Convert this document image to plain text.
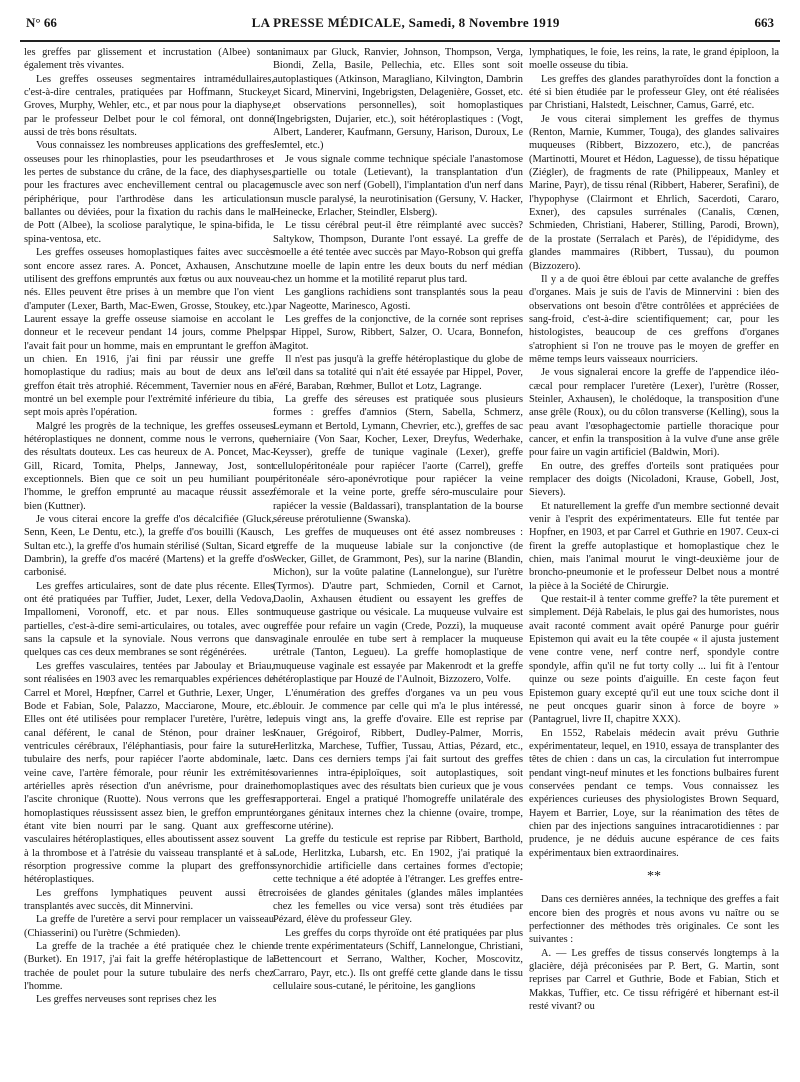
N° 66	LA PRESSE MÉDICALE, Samedi, 8 Novembre 1919	663

les greffes par glissement et incrustation (Albee) sont également très vivantes.

Les greffes osseuses segmentaires intramédullaires, c'est-à-dire centrales, pratiquées par Hoffmann, Stuckey, Groves, Murphy, Wehler, etc., et par nous pour la diaphyse, par le professeur Delbet pour le col fémoral, ont donné aussi de très bons résultats.

Vous connaissez les nombreuses applications des greffes osseuses pour les rhinoplasties, pour les pseudarthroses et les pertes de substance du crâne, de la face, des diaphyses, pour les fractures avec enchevillement central ou placage périphérique, pour l'arthrodèse dans les articulations ballantes ou déviées, pour la fixation du rachis dans le mal de Pott (Albee), la scoliose paralytique, le spina-bifida, le spina-ventosa, etc.

Les greffes osseuses homoplastiques faites avec succès sont encore assez rares. A. Poncet, Axhausen, Anschutz utilisent des greffons empruntés aux fœtus ou aux nouveau-nés. Elles peuvent être prises à un membre que l'on vient d'amputer (Lexer, Barth, Mac-Ewen, Grosse, Stoukey, etc.). Laurent essaye la greffe osseuse siamoise en accolant le donneur et le receveur pendant 14 jours, comme Phelps l'avait fait pour un homme, mais en empruntant le greffon à un chien. En 1916, j'ai fini par réussir une greffe homoplastique du radius; mais au bout de deux ans le greffon était très atrophié. Récemment, Tavernier nous en a montré un bel exemple pour l'extrémité inférieure du tibia, sept mois après l'opération.

Malgré les progrès de la technique, les greffes osseuses hétéroplastiques ne donnent, comme nous le verrons, que des résultats douteux. Les cas heureux de A. Poncet, Mac-Gill, Ricard, Tomita, Phelps, Janneway, Jost, sont exceptionnels. Bien que ce soit un peu humiliant pour l'homme, le greffon emprunté au macaque réussit assez bien (Kuttner).

Je vous citerai encore la greffe d'os décalcifiée (Gluck, Senn, Keen, Le Dentu, etc.), la greffe d'os bouilli (Kausch, Sultan etc.), la greffe d'os humain stérilisé (Sultan, Sicard et Dambrin), la greffe d'os macéré (Martens) et la greffe d'os carbonisé.

Les greffes articulaires, sont de date plus récente. Elles ont été pratiquées par Tuffier, Judet, Lexer, della Vedova, Impallomeni, Voronoff, etc. et par nous. Elles sont partielles, c'est-à-dire semi-articulaires, ou totales, avec ou sans la capsule et la synoviale. Nous verrons que dans quelques cas ces deux membranes se sont régénérées.

Les greffes vasculaires, tentées par Jaboulay et Briau, sont réalisées en 1903 avec les remarquables expériences de Carrel et Morel, Hœpfner, Carrel et Guthrie, Lexer, Unger, Bode et Fabian, Sole, Palazzo, Macciarone, Moure, etc.. Elles ont été utilisées pour remplacer l'uretère, l'urètre, le canal déférent, le canal de Sténon, pour drainer les ventricules cérébraux, l'éléphantiasis, pour faire la suture tubulaire des nerfs, pour rapiécer l'aorte abdominale, la veine cave, l'artère fémorale, pour réunir les extrémités artérielles après résection d'un anévrisme, pour drainer l'ascite chronique (Ruotte). Nous verrons que les greffes homoplastiques réussissent assez bien, le greffon emprunté étant vite bien nourri par le sang. Quant aux greffes vasculaires hétéroplastiques, elles aboutissent assez souvent à la thrombose et à l'atrésie du vaisseau transplanté et à sa résorption progressive comme la plupart des greffons hétéroplastiques.

Les greffons lymphatiques peuvent aussi être transplantés avec succès, dit Minnervini.

La greffe de l'uretère a servi pour remplacer un vaisseau (Chiasserini) ou l'urètre (Schmieden).

La greffe de la trachée a été pratiquée chez le chien (Burket). En 1917, j'ai fait la greffe hétéroplastique de la trachée de poulet pour la suture tubulaire des nerfs chez l'homme.

Les greffes nerveuses sont reprises chez les

animaux par Gluck, Ranvier, Johnson, Thompson, Verga, Biondi, Zella, Basile, Pellechia, etc. Elles sont soit autoplastiques (Atkinson, Maragliano, Kilvington, Dambrin et Sicard, Minervini, Ingebrigsten, Delagenière, Gosset, etc. et observations personnelles), soit homoplastiques (Ingebrigsten, Dujarier, etc.), soit hétéroplastiques : (Vogt, Albert, Landerer, Kaufmann, Gersuny, Harison, Duroux, Le Jemtel, etc.)

Je vous signale comme technique spéciale l'anastomose partielle ou totale (Letievant), la transplantation d'un muscle avec son nerf (Gobell), l'implantation d'un nerf dans un muscle paralysé, la neurotinisation (Gersuny, V. Hacker, Heinecke, Erlacher, Steindler, Elsberg).

Le tissu cérébral peut-il être réimplanté avec succès? Saltykow, Thompson, Durante l'ont essayé. La greffe de moelle a été tentée avec succès par Mayo-Robson qui greffa une moelle de lapin entre les deux bouts du nerf médian chez un homme et la motilité reparut plus tard.

Les ganglions rachidiens sont transplantés sous la peau par Nageotte, Marinesco, Agosti.

Les greffes de la conjonctive, de la cornée sont reprises par Hippel, Surow, Ribbert, Salzer, O. Ucara, Bonnefon, Magitot.

Il n'est pas jusqu'à la greffe hétéroplastique du globe de l'œil dans sa totalité qui n'ait été essayée par Hippel, Pover, Féré, Baraban, Rœhmer, Bullot et Lotz, Lagrange.

La greffe des séreuses est pratiquée sous plusieurs formes : greffes d'amnios (Stern, Sabella, Schmerz, Leymann et Bertold, Lymann, Chevrier, etc.), greffes de sac herniaire (Von Saar, Kocher, Lexer, Dreyfus, Wederhake, Keysser), greffe de tunique vaginale (Lexer), greffe cellulopéritonéale pour rapiécer l'aorte (Carrel), greffe péritonéale séro-aponévrotique pour rapiécer la veine fémorale et la veine porte, greffe séro-musculaire pour rapiécer la vessie (Baldassari), transplantation de la bourse séreuse prérotulienne (Swanska).

Les greffes de muqueuses ont été assez nombreuses : greffe de la muqueuse labiale sur la conjonctive (de Wecker, Gillet, de Grammont, Pes), sur la narine (Blandin, Michon), sur la voûte palatine (Lannelongue), sur l'urètre (Tyrmos). D'autre part, Schmieden, Cornil et Carnot, Daolin, Axhausen étudient ou essayent les greffes de muqueuse gastrique ou vésicale. La muqueuse vulvaire est greffée pour refaire un vagin (Crede, Pozzi), la muqueuse vaginale enroulée en tube sert à remplacer la muqueuse urétrale (Tanton, Legueu). La greffe homoplastique de muqueuse vaginale est essayée par Makenrodt et la greffe hétéroplastique par Houzé de l'Aulnoit, Bizzozero, Volfe.

L'énumération des greffes d'organes va un peu vous éblouir. Je commence par celle qui m'a le plus intéressé, depuis vingt ans, la greffe d'ovaire. Elle est reprise par Knauer, Grégoirof, Ribbert, Dudley-Palmer, Morris, Herlitzka, Marchese, Tuffier, Tussau, Attias, Pézard, etc., etc. Dans ces derniers temps j'ai fait surtout des greffes ovariennes intra-épiploïques, soit autoplastiques, soit homoplastiques avec des résultats bien curieux que je vous rapporterai. Engel a pratiqué l'homogreffe unilatérale des organes génitaux internes chez la chienne (ovaire, trompe, corne utérine).

La greffe du testicule est reprise par Ribbert, Barthold, Lode, Herlitzka, Lubarsh, etc. En 1902, j'ai pratiqué la synorchidie artificielle dans certaines formes d'ectopie; cette technique a été adoptée à l'étranger. Les greffes entre-croisées de glandes génitales (glandes mâles implantées chez les femelles ou vice versa) sont très étudiées par Pézard, élève du professeur Gley.

Les greffes du corps thyroïde ont été pratiquées par plus de trente expérimentateurs (Schiff, Lannelongue, Christiani, Bettencourt et Serrano, Walther, Kocher, Moscovitz, Carraro, Payr, etc.). Ils ont greffé cette glande dans le tissu cellulaire sous-cutané, le péritoine, les ganglions

lymphatiques, le foie, les reins, la rate, le grand épiploon, la moelle osseuse du tibia.

Les greffes des glandes parathyroïdes dont la fonction a été si bien étudiée par le professeur Gley, ont été réalisées par Christiani, Halstedt, Leischner, Camus, Garré, etc.

Je vous citerai simplement les greffes de thymus (Renton, Marnie, Kummer, Touga), des glandes salivaires muqueuses (Ribbert, Bizzozero, etc.), de pancréas (Martinotti, Mouret et Hédon, Laguesse), de tissu hépatique (Ziégler), de fragments de rate (Philippeaux, Manley et Marine, Payr), de tissu rénal (Ribbert, Haberer, Serafini), de l'hypophyse (Clairmont et Ehrlich, Sacerdoti, Cararo, Exner), des capsules surrénales (Canalis, Cœnen, Schmieden, Christiani, Haberer, Stilling, Parodi, Brown), de la prostate (Serralach et Parès), de l'épididyme, des glandes mammaires (Ribbert, Tussau), du poumon (Bizzozero).

Il y a de quoi être ébloui par cette avalanche de greffes d'organes. Mais je suis de l'avis de Minnervini : bien des observations ont besoin d'être contrôlées et appréciées de sang-froid, c'est-à-dire scientifiquement; car, pour les histologistes, beaucoup de ces greffons d'organes s'atrophient si l'on ne trouve pas le moyen de greffer en même temps leurs vaisseaux nourriciers.

Je vous signalerai encore la greffe de l'appendice iléo-cæcal pour remplacer l'uretère (Lexer), l'urètre (Rosser, Steinler, Axhausen), le cholédoque, la transposition d'une anse grêle (Roux), ou du côlon transverse (Kelling), sous la peau avant l'œsophagectomie partielle thoracique pour cancer, et enfin la transposition à la vulve d'une anse grêle pour faire un vagin artificiel (Baldwin, Mori).

En outre, des greffes d'orteils sont pratiquées pour remplacer des doigts (Nicoladoni, Krause, Gobell, Jost, Sievers).

Et naturellement la greffe d'un membre sectionné devait venir à l'esprit des expérimentateurs. Elle fut tentée par Hopfner, en 1903, et par Carrel et Guthrie en 1907. Ceux-ci firent la greffe autoplastique et homoplastique chez le chien, mais l'animal mourut le vingt-deuxième jour de broncho-pneumonie et le professeur Delbet nous a montré la pièce à la Société de Chirurgie.

Que restait-il à tenter comme greffe? la tête purement et simplement. Déjà Rabelais, le plus gai des humoristes, nous avait raconté comment avait opéré Panurge pour guérir Epistemon qui avait eu la tête coupée « il ajusta justement vene contre vene, nerf contre nerf, spondyle contre spondyle, affin qu'il ne fut torty colly ... lui fit à l'entour quinze ou seze points d'aiguille. En ceste façon feut Epistemon guary excepté qu'il eut une toux sciche dont il ne peut oncques guarir sinon à force de boyre » (Pantagruel, livre II, chapitre XXX).

En 1552, Rabelais médecin avait prévu Guthrie expérimentateur, lequel, en 1910, essaya de transplanter des têtes de chien : dans un cas, la circulation fut interrompue pendant vingt-neuf minutes et les fonctions bulbaires furent conservées pendant ce temps. Vous connaissez les expériences curieuses des physiologistes Brown Sequard, Hayem et Barrier, Loye, sur la réanimation des têtes de chien par des injections sanguines intracarotidiennes : par prudence, je ne déduis aucune espérance de ces faits expérimentaux bien extraordinaires.

**

Dans ces dernières années, la technique des greffes a fait encore bien des progrès et nous avons vu naître ou se perfectionner des méthodes très originales. Ce sont les suivantes :

A. — Les greffes de tissus conservés longtemps à la glacière, déjà préconisées par P. Bert, G. Martin, sont reprises par Carrel et Guthrie, Bode et Fabian, Stich et Makkas, Tuffier, etc. Ce tissu réfrigéré et hibernant est-il resté vivant? ou
